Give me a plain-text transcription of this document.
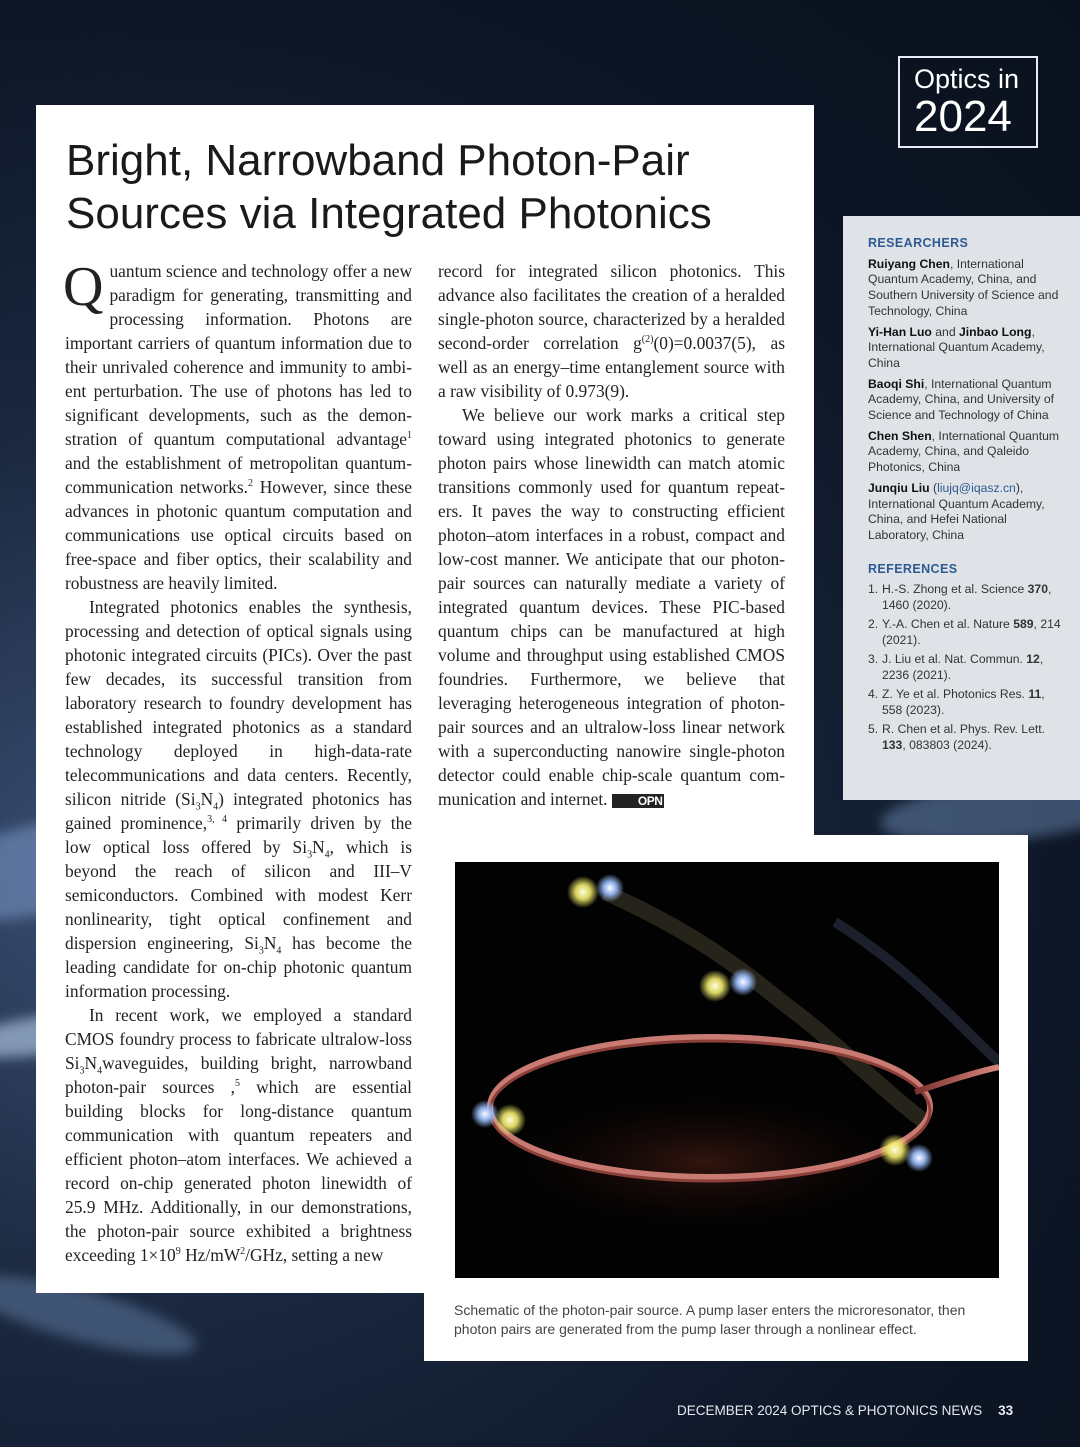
Optics in
2024
Bright, Narrowband Photon-Pair
Sources via Integrated Photonics

Quantum science and technology offer a new paradigm for generating, transmitting and processing information. Photons are important carriers of quantum information due to their unrivaled coherence and immunity to ambient perturbation. The use of photons has led to significant developments, such as the demonstration of quantum computational advantage$^1$ and the establishment of metropolitan quantum-communication networks.$^2$ However, since these advances in photonic quantum computation and communications use optical circuits based on free-space and fiber optics, their scalability and robustness are heavily limited.

Integrated photonics enables the synthesis, processing and detection of optical signals using photonic integrated circuits (PICs). Over the past few decades, its successful transition from laboratory research to foundry development has established integrated photonics as a standard technology deployed in high-data-rate telecommunications and data centers. Recently, silicon nitride $(Si_3N_4)$ integrated photonics has gained prominence,$^{3, 4}$ primarily driven by the low optical loss offered by $Si_3N_4$, which is beyond the reach of silicon and III–V semiconductors. Combined with modest Kerr nonlinearity, tight optical confinement and dispersion engineering, $Si_3N_4$ has become the leading candidate for on-chip photonic quantum information processing.

In recent work, we employed a standard CMOS foundry process to fabricate ultralow-loss $Si_3N_4waveguides$, building bright, narrowband photon-pair sources ,$^5$ which are essential building blocks for long-distance quantum communication with quantum repeaters and efficient photon–atom interfaces. We achieved a record on-chip generated photon linewidth of 25.9 MHz. Additionally, in our demonstrations, the photon-pair source exhibited a brightness exceeding $1\times 10^9$ $Hz/mW^2$/GHz, setting a new

record for integrated silicon photonics. This advance also facilitates the creation of a heralded single-photon source, characterized by a heralded second-order correlation $g^{(2)}(0)=0.0037(5)$, as well as an energy–time entanglement source with a raw visibility of 0.973(9).

We believe our work marks a critical step toward using integrated photonics to generate photon pairs whose linewidth can match atomic transitions commonly used for quantum repeaters. It paves the way to constructing efficient photon–atom interfaces in a robust, compact and low-cost manner. We anticipate that our photon-pair sources can naturally mediate a variety of integrated quantum devices. These PIC-based quantum chips can be manufactured at high volume and throughput using established CMOS foundries. Furthermore, we believe that leveraging heterogeneous integration of photon-pair sources and an ultralow-loss linear network with a superconducting nanowire single-photon detector could enable chip-scale quantum communication and internet.	OPN

RESEARCHERS
Ruiyang Chen, International Quantum Academy, China, and Southern University of Science and Technology, China
Yi-Han Luo and Jinbao Long, International Quantum Academy, China
Baoqi Shi, International Quantum Academy, China, and University of Science and Technology of China
Chen Shen, International Quantum Academy, China, and Qaleido Photonics, China
Junqiu Liu (liujq@iqasz.cn), International Quantum Academy, China, and Hefei National Laboratory, China
REFERENCES
1. H.-S. Zhong et al. Science 370, 1460 (2020).
2. Y.-A. Chen et al. Nature 589, 214 (2021).
3. J. Liu et al. Nat. Commun. 12, 2236 (2021).
4. Z. Ye et al. Photonics Res. 11, 558 (2023).
5. R. Chen et al. Phys. Rev. Lett. 133, 083803 (2024).
Schematic of the photon-pair source. A pump laser enters the microresonator, then photon pairs are generated from the pump laser through a nonlinear effect.
DECEMBER 2024 OPTICS & PHOTONICS NEWS 33
